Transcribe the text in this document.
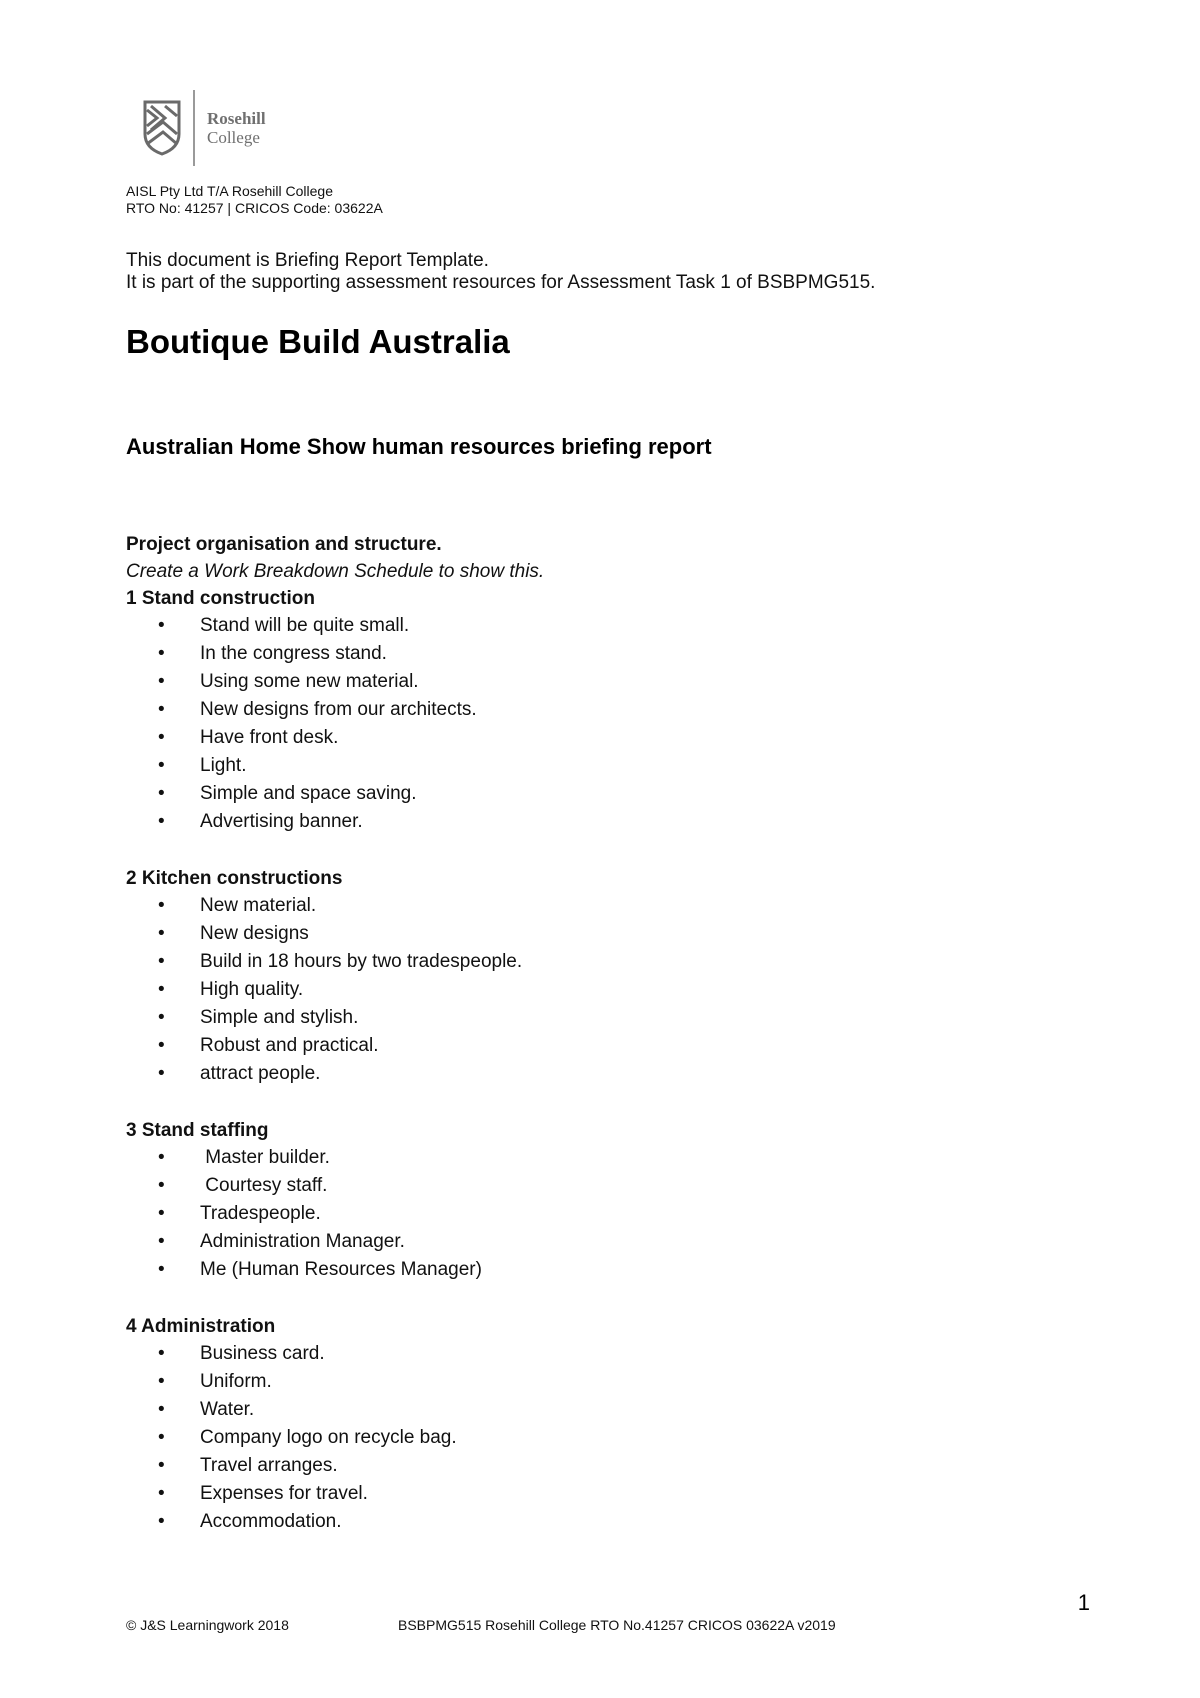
Rosehill
College
AISL Pty Ltd T/A Rosehill College
RTO No: 41257 | CRICOS Code: 03622A
This document is Briefing Report Template.
It is part of the supporting assessment resources for Assessment Task 1 of BSBPMG515.
Boutique Build Australia
Australian Home Show human resources briefing report
Project organisation and structure.
Create a Work Breakdown Schedule to show this.
1 Stand construction
• Stand will be quite small.
• In the congress stand.
• Using some new material.
• New designs from our architects.
• Have front desk.
• Light.
• Simple and space saving.
• Advertising banner.
2 Kitchen constructions
• New material.
• New designs
• Build in 18 hours by two tradespeople.
• High quality.
• Simple and stylish.
• Robust and practical.
• attract people.
3 Stand staffing
• Master builder.
• Courtesy staff.
• Tradespeople.
• Administration Manager.
• Me (Human Resources Manager)
4 Administration
• Business card.
• Uniform.
• Water.
• Company logo on recycle bag.
• Travel arranges.
• Expenses for travel.
• Accommodation.
1
© J&S Learningwork 2018	BSBPMG515 Rosehill College RTO No.41257 CRICOS 03622A v2019
